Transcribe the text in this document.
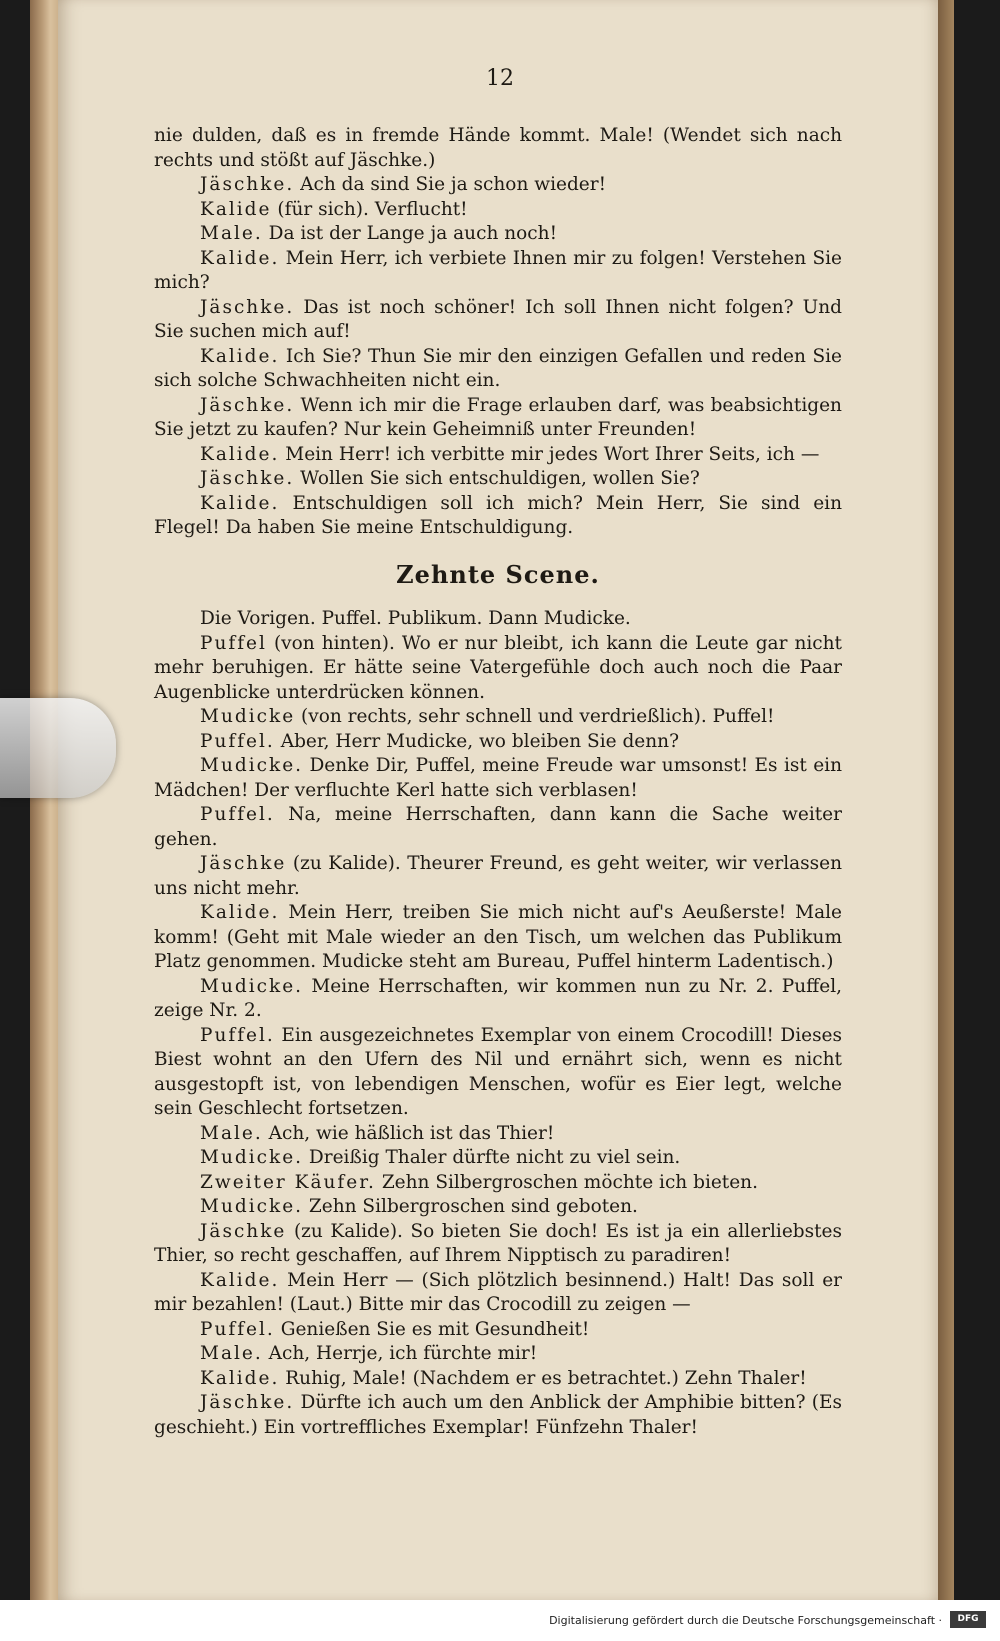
12

nie dulden, daß es in fremde Hände kommt. Male! (Wendet sich nach rechts und stößt auf Jäschke.)

Jäschke. Ach da sind Sie ja schon wieder!

Kalide (für sich). Verflucht!

Male. Da ist der Lange ja auch noch!

Kalide. Mein Herr, ich verbiete Ihnen mir zu folgen! Verstehen Sie mich?

Jäschke. Das ist noch schöner! Ich soll Ihnen nicht folgen? Und Sie suchen mich auf!

Kalide. Ich Sie? Thun Sie mir den einzigen Gefallen und reden Sie sich solche Schwachheiten nicht ein.

Jäschke. Wenn ich mir die Frage erlauben darf, was beabsichtigen Sie jetzt zu kaufen? Nur kein Geheimniß unter Freunden!

Kalide. Mein Herr! ich verbitte mir jedes Wort Ihrer Seits, ich —

Jäschke. Wollen Sie sich entschuldigen, wollen Sie?

Kalide. Entschuldigen soll ich mich? Mein Herr, Sie sind ein Flegel! Da haben Sie meine Entschuldigung.

Zehnte Scene.

Die Vorigen. Puffel. Publikum. Dann Mudicke.

Puffel (von hinten). Wo er nur bleibt, ich kann die Leute gar nicht mehr beruhigen. Er hätte seine Vatergefühle doch auch noch die Paar Augenblicke unterdrücken können.

Mudicke (von rechts, sehr schnell und verdrießlich). Puffel!

Puffel. Aber, Herr Mudicke, wo bleiben Sie denn?

Mudicke. Denke Dir, Puffel, meine Freude war umsonst! Es ist ein Mädchen! Der verfluchte Kerl hatte sich verblasen!

Puffel. Na, meine Herrschaften, dann kann die Sache weiter gehen.

Jäschke (zu Kalide). Theurer Freund, es geht weiter, wir verlassen uns nicht mehr.

Kalide. Mein Herr, treiben Sie mich nicht auf's Aeußerste! Male komm! (Geht mit Male wieder an den Tisch, um welchen das Publikum Platz genommen. Mudicke steht am Bureau, Puffel hinterm Ladentisch.)

Mudicke. Meine Herrschaften, wir kommen nun zu Nr. 2. Puffel, zeige Nr. 2.

Puffel. Ein ausgezeichnetes Exemplar von einem Crocodill! Dieses Biest wohnt an den Ufern des Nil und ernährt sich, wenn es nicht ausgestopft ist, von lebendigen Menschen, wofür es Eier legt, welche sein Geschlecht fortsetzen.

Male. Ach, wie häßlich ist das Thier!

Mudicke. Dreißig Thaler dürfte nicht zu viel sein.

Zweiter Käufer. Zehn Silbergroschen möchte ich bieten.

Mudicke. Zehn Silbergroschen sind geboten.

Jäschke (zu Kalide). So bieten Sie doch! Es ist ja ein allerliebstes Thier, so recht geschaffen, auf Ihrem Nipptisch zu paradiren!

Kalide. Mein Herr — (Sich plötzlich besinnend.) Halt! Das soll er mir bezahlen! (Laut.) Bitte mir das Crocodill zu zeigen —

Puffel. Genießen Sie es mit Gesundheit!

Male. Ach, Herrje, ich fürchte mir!

Kalide. Ruhig, Male! (Nachdem er es betrachtet.) Zehn Thaler!

Jäschke. Dürfte ich auch um den Anblick der Amphibie bitten? (Es geschieht.) Ein vortreffliches Exemplar! Fünfzehn Thaler!

Digitalisierung gefördert durch die Deutsche Forschungsgemeinschaft ·	DFG
